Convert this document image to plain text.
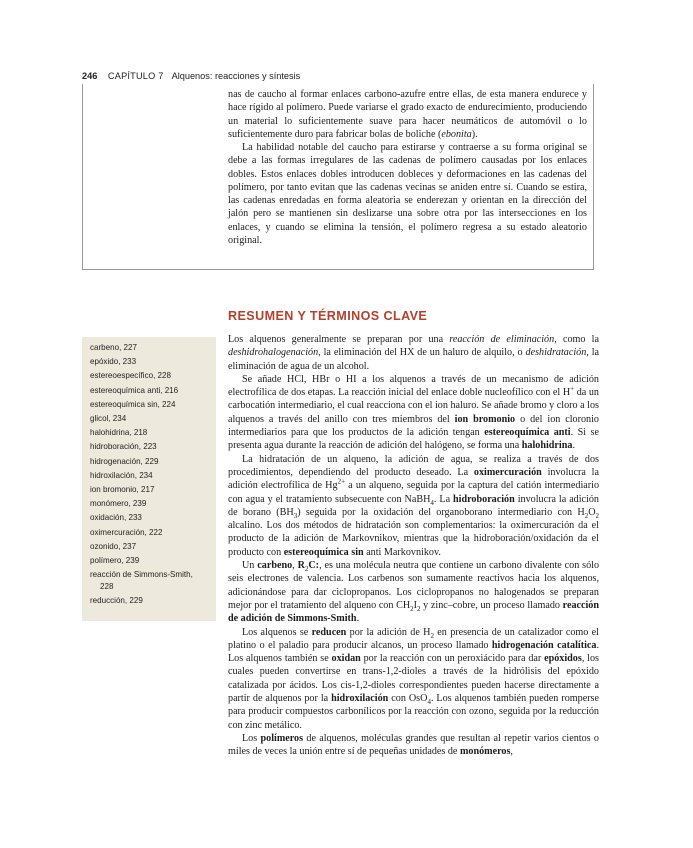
246 CAPÍTULO 7 Alquenos: reacciones y síntesis

nas de caucho al formar enlaces carbono-azufre entre ellas, de esta manera endurece y hace rígido al polímero. Puede variarse el grado exacto de endurecimiento, produciendo un material lo suficientemente suave para hacer neumáticos de automóvil o lo suficientemente duro para fabricar bolas de boliche (ebonita).

La habilidad notable del caucho para estirarse y contraerse a su forma original se debe a las formas irregulares de las cadenas de polímero causadas por los enlaces dobles. Estos enlaces dobles introducen dobleces y deformaciones en las cadenas del polímero, por tanto evitan que las cadenas vecinas se aniden entre sí. Cuando se estira, las cadenas enredadas en forma aleatoria se enderezan y orientan en la dirección del jalón pero se mantienen sin deslizarse una sobre otra por las intersecciones en los enlaces, y cuando se elimina la tensión, el polímero regresa a su estado aleatorio original.

RESUMEN Y TÉRMINOS CLAVE
carbeno, 227
epóxido, 233
estereoespecífico, 228
estereoquímica anti, 216
estereoquímica sin, 224
glicol, 234
halohidrina, 218
hidroboración, 223
hidrogenación, 229
hidroxilación, 234
ion bromonio, 217
monómero, 239
oxidación, 233
oximercuración, 222
ozonido, 237
polímero, 239
reacción de Simmons-Smith,
228
reducción, 229

Los alquenos generalmente se preparan por una reacción de eliminación, como la deshidrohalogenación, la eliminación del HX de un haluro de alquilo, o deshidratación, la eliminación de agua de un alcohol.

Se añade HCl, HBr o HI a los alquenos a través de un mecanismo de adición electrofílica de dos etapas. La reacción inicial del enlace doble nucleofílico con el H+ da un carbocatión intermediario, el cual reacciona con el ion haluro. Se añade bromo y cloro a los alquenos a través del anillo con tres miembros del ion bromonio o del ion cloronio intermediarios para que los productos de la adición tengan estereoquímica anti. Si se presenta agua durante la reacción de adición del halógeno, se forma una halohidrina.

La hidratación de un alqueno, la adición de agua, se realiza a través de dos procedimientos, dependiendo del producto deseado. La oximercuración involucra la adición electrofílica de $Hg^{2+}$ a un alqueno, seguida por la captura del catión intermediario con agua y el tratamiento subsecuente con NaBH$_4$. La hidroboración involucra la adición de borano $(BH_3)$ seguida por la oxidación del organoborano intermediario con $H_2O_2$ alcalino. Los dos métodos de hidratación son complementarios: la oximercuración da el producto de la adición de Markovnikov, mientras que la hidroboración/oxidación da el producto con estereoquímica sin anti Markovnikov.

Un carbeno, $R_2C$:, es una molécula neutra que contiene un carbono divalente con sólo seis electrones de valencia. Los carbenos son sumamente reactivos hacia los alquenos, adicionándose para dar ciclopropanos. Los ciclopropanos no halogenados se preparan mejor por el tratamiento del alqueno con $CH_2I_2$ y zinc–cobre, un proceso llamado reacción de adición de Simmons-Smith.

Los alquenos se reducen por la adición de $H_2$ en presencia de un catalizador como el platino o el paladio para producir alcanos, un proceso llamado hidrogenación catalítica. Los alquenos también se oxidan por la reacción con un peroxiácido para dar epóxidos, los cuales pueden convertirse en trans-1,2-dioles a través de la hidrólisis del epóxido catalizada por ácidos. Los cis-1,2-dioles correspondientes pueden hacerse directamente a partir de alquenos por la hidroxilación con OsO$_4$. Los alquenos también pueden romperse para producir compuestos carbonílicos por la reacción con ozono, seguida por la reducción con zinc metálico.

Los polímeros de alquenos, moléculas grandes que resultan al repetir varios cientos o miles de veces la unión entre sí de pequeñas unidades de monómeros,
